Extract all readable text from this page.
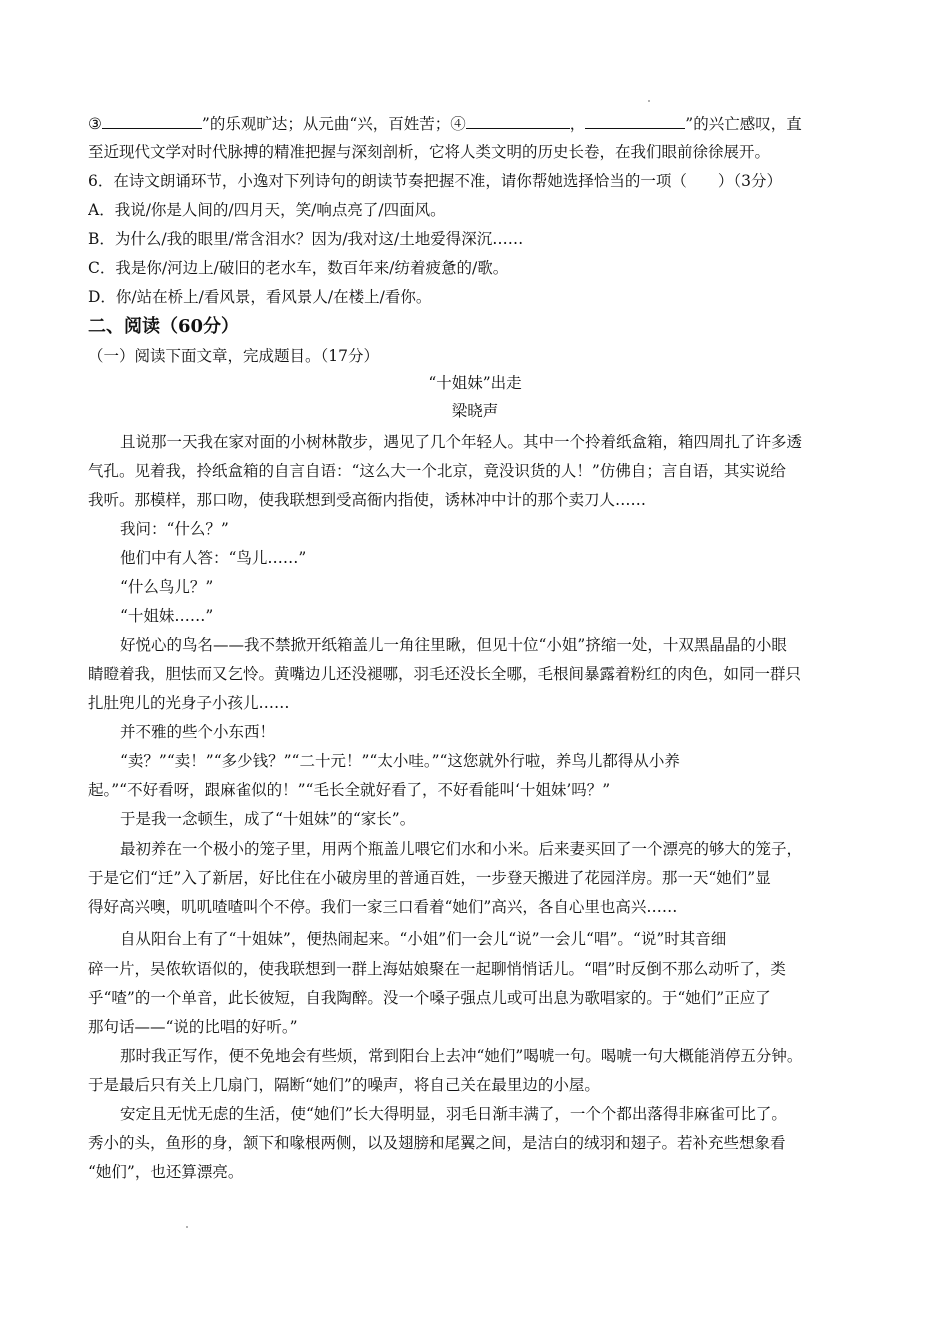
③	”的乐观旷达；从元曲“兴，百姓苦；④	，	”的兴亡感叹，直
至近现代文学对时代脉搏的精准把握与深刻剖析，它将人类文明的历史长卷，在我们眼前徐徐展开。
6．在诗文朗诵环节，小逸对下列诗句的朗读节奏把握不准，请你帮她选择恰当的一项（　　）（3分）
A．我说/你是人间的/四月天，笑/响点亮了/四面风。
B．为什么/我的眼里/常含泪水？因为/我对这/土地爱得深沉……
C．我是你/河边上/破旧的老水车，数百年来/纺着疲惫的/歌。
D．你/站在桥上/看风景，看风景人/在楼上/看你。
二、阅读（60分）
（一）阅读下面文章，完成题目。（17分）
“十姐妹”出走
梁晓声
且说那一天我在家对面的小树林散步，遇见了几个年轻人。其中一个拎着纸盒箱，箱四周扎了许多透
气孔。见着我，拎纸盒箱的自言自语：“这么大一个北京，竟没识货的人！”仿佛自；言自语，其实说给
我听。那模样，那口吻，使我联想到受高衙内指使，诱林冲中计的那个卖刀人……
我问：“什么？”
他们中有人答：“鸟儿……”
“什么鸟儿？”
“十姐妹……”
好悦心的鸟名——我不禁掀开纸箱盖儿一角往里瞅，但见十位“小姐”挤缩一处，十双黑晶晶的小眼
睛瞪着我，胆怯而又乞怜。黄嘴边儿还没褪哪，羽毛还没长全哪，毛根间暴露着粉红的肉色，如同一群只
扎肚兜儿的光身子小孩儿……
并不雅的些个小东西！
“卖？”“卖！”“多少钱？”“二十元！”“太小哇。”“这您就外行啦，养鸟儿都得从小养
起。”“不好看呀，跟麻雀似的！”“毛长全就好看了，不好看能叫‘十姐妹’吗？”
于是我一念顿生，成了“十姐妹”的“家长”。
最初养在一个极小的笼子里，用两个瓶盖儿喂它们水和小米。后来妻买回了一个漂亮的够大的笼子，
于是它们“迁”入了新居，好比住在小破房里的普通百姓，一步登天搬进了花园洋房。那一天“她们”显
得好高兴噢，叽叽喳喳叫个不停。我们一家三口看着“她们”高兴，各自心里也高兴……
自从阳台上有了“十姐妹”，便热闹起来。“小姐”们一会儿“说”一会儿“唱”。“说”时其音细
碎一片，吴侬软语似的，使我联想到一群上海姑娘聚在一起聊悄悄话儿。“唱”时反倒不那么动听了，类
乎“喳”的一个单音，此长彼短，自我陶醉。没一个嗓子强点儿或可出息为歌唱家的。于“她们”正应了
那句话——“说的比唱的好听。”
那时我正写作，便不免地会有些烦，常到阳台上去冲“她们”喝唬一句。喝唬一句大概能消停五分钟。
于是最后只有关上几扇门，隔断“她们”的噪声，将自己关在最里边的小屋。
安定且无忧无虑的生活，使“她们”长大得明显，羽毛日渐丰满了，一个个都出落得非麻雀可比了。
秀小的头，鱼形的身，颔下和喙根两侧，以及翅膀和尾翼之间，是洁白的绒羽和翅子。若补充些想象看
“她们”，也还算漂亮。
